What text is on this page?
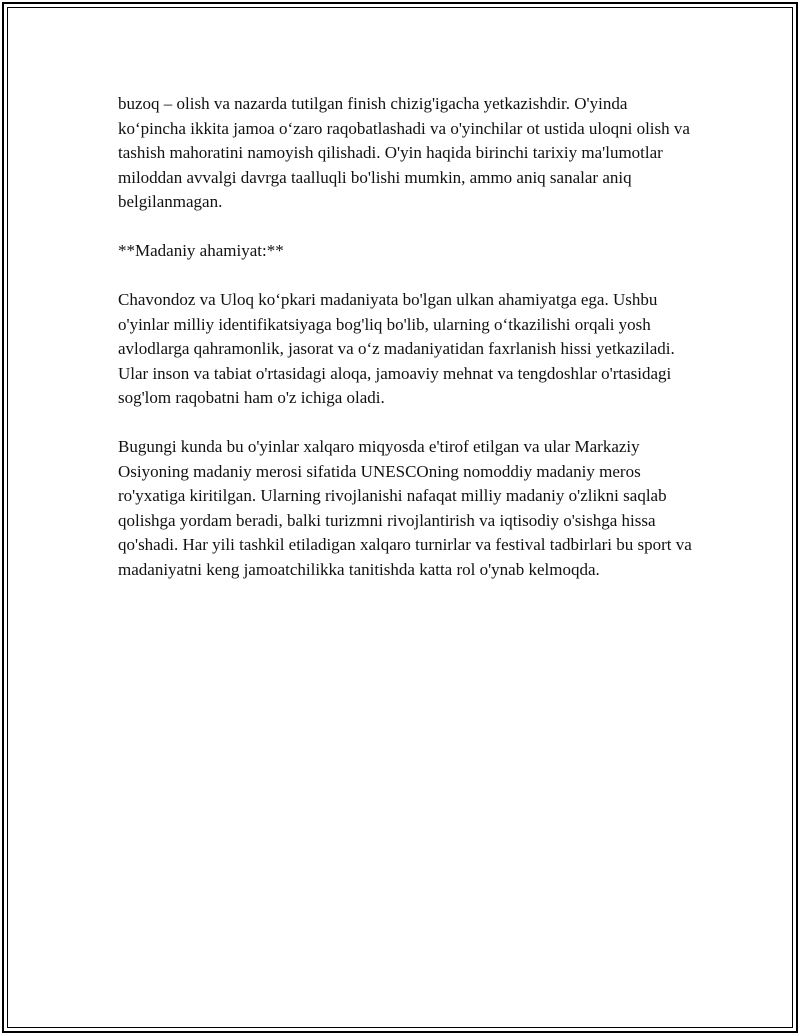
buzoq – olish va nazarda tutilgan finish chizig'igacha yetkazishdir. O'yinda ko‘pincha ikkita jamoa o‘zaro raqobatlashadi va o'yinchilar ot ustida uloqni olish va tashish mahoratini namoyish qilishadi. O'yin haqida birinchi tarixiy ma'lumotlar miloddan avvalgi davrga taalluqli bo'lishi mumkin, ammo aniq sanalar aniq belgilanmagan.

**Madaniy ahamiyat:**

Chavondoz va Uloq ko‘pkari madaniyata bo'lgan ulkan ahamiyatga ega. Ushbu o'yinlar milliy identifikatsiyaga bog'liq bo'lib, ularning o‘tkazilishi orqali yosh avlodlarga qahramonlik, jasorat va o‘z madaniyatidan faxrlanish hissi yetkaziladi. Ular inson va tabiat o'rtasidagi aloqa, jamoaviy mehnat va tengdoshlar o'rtasidagi sog'lom raqobatni ham o'z ichiga oladi.

Bugungi kunda bu o'yinlar xalqaro miqyosda e'tirof etilgan va ular Markaziy Osiyoning madaniy merosi sifatida UNESCOning nomoddiy madaniy meros ro'yxatiga kiritilgan. Ularning rivojlanishi nafaqat milliy madaniy o'zlikni saqlab qolishga yordam beradi, balki turizmni rivojlantirish va iqtisodiy o'sishga hissa qo'shadi. Har yili tashkil etiladigan xalqaro turnirlar va festival tadbirlari bu sport va madaniyatni keng jamoatchilikka tanitishda katta rol o'ynab kelmoqda.
